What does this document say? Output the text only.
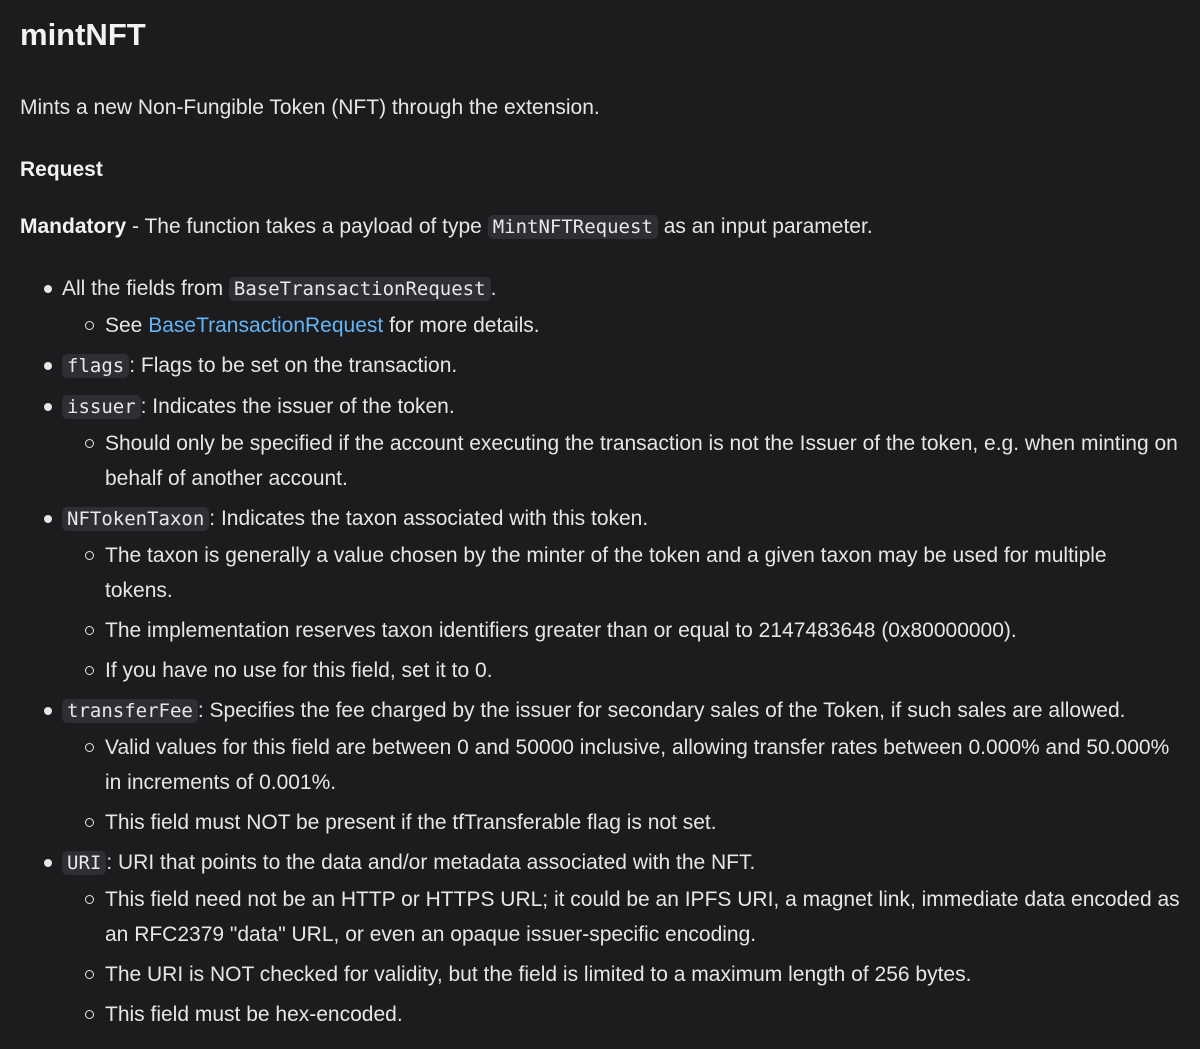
mintNFT

Mints a new Non-Fungible Token (NFT) through the extension.

Request

Mandatory - The function takes a payload of type MintNFTRequest as an input parameter.

All the fields from BaseTransactionRequest .
See BaseTransactionRequest for more details.
flags : Flags to be set on the transaction.
issuer : Indicates the issuer of the token.
Should only be specified if the account executing the transaction is not the Issuer of the token, e.g. when minting on behalf of another account.
NFTokenTaxon : Indicates the taxon associated with this token.
The taxon is generally a value chosen by the minter of the token and a given taxon may be used for multiple tokens.
The implementation reserves taxon identifiers greater than or equal to 2147483648 (0x80000000).
If you have no use for this field, set it to 0.
transferFee : Specifies the fee charged by the issuer for secondary sales of the Token, if such sales are allowed.
Valid values for this field are between 0 and 50000 inclusive, allowing transfer rates between 0.000% and 50.000% in increments of 0.001%.
This field must NOT be present if the tfTransferable flag is not set.
URI : URI that points to the data and/or metadata associated with the NFT.
This field need not be an HTTP or HTTPS URL; it could be an IPFS URI, a magnet link, immediate data encoded as an RFC2379 "data" URL, or even an opaque issuer-specific encoding.
The URI is NOT checked for validity, but the field is limited to a maximum length of 256 bytes.
This field must be hex-encoded.
